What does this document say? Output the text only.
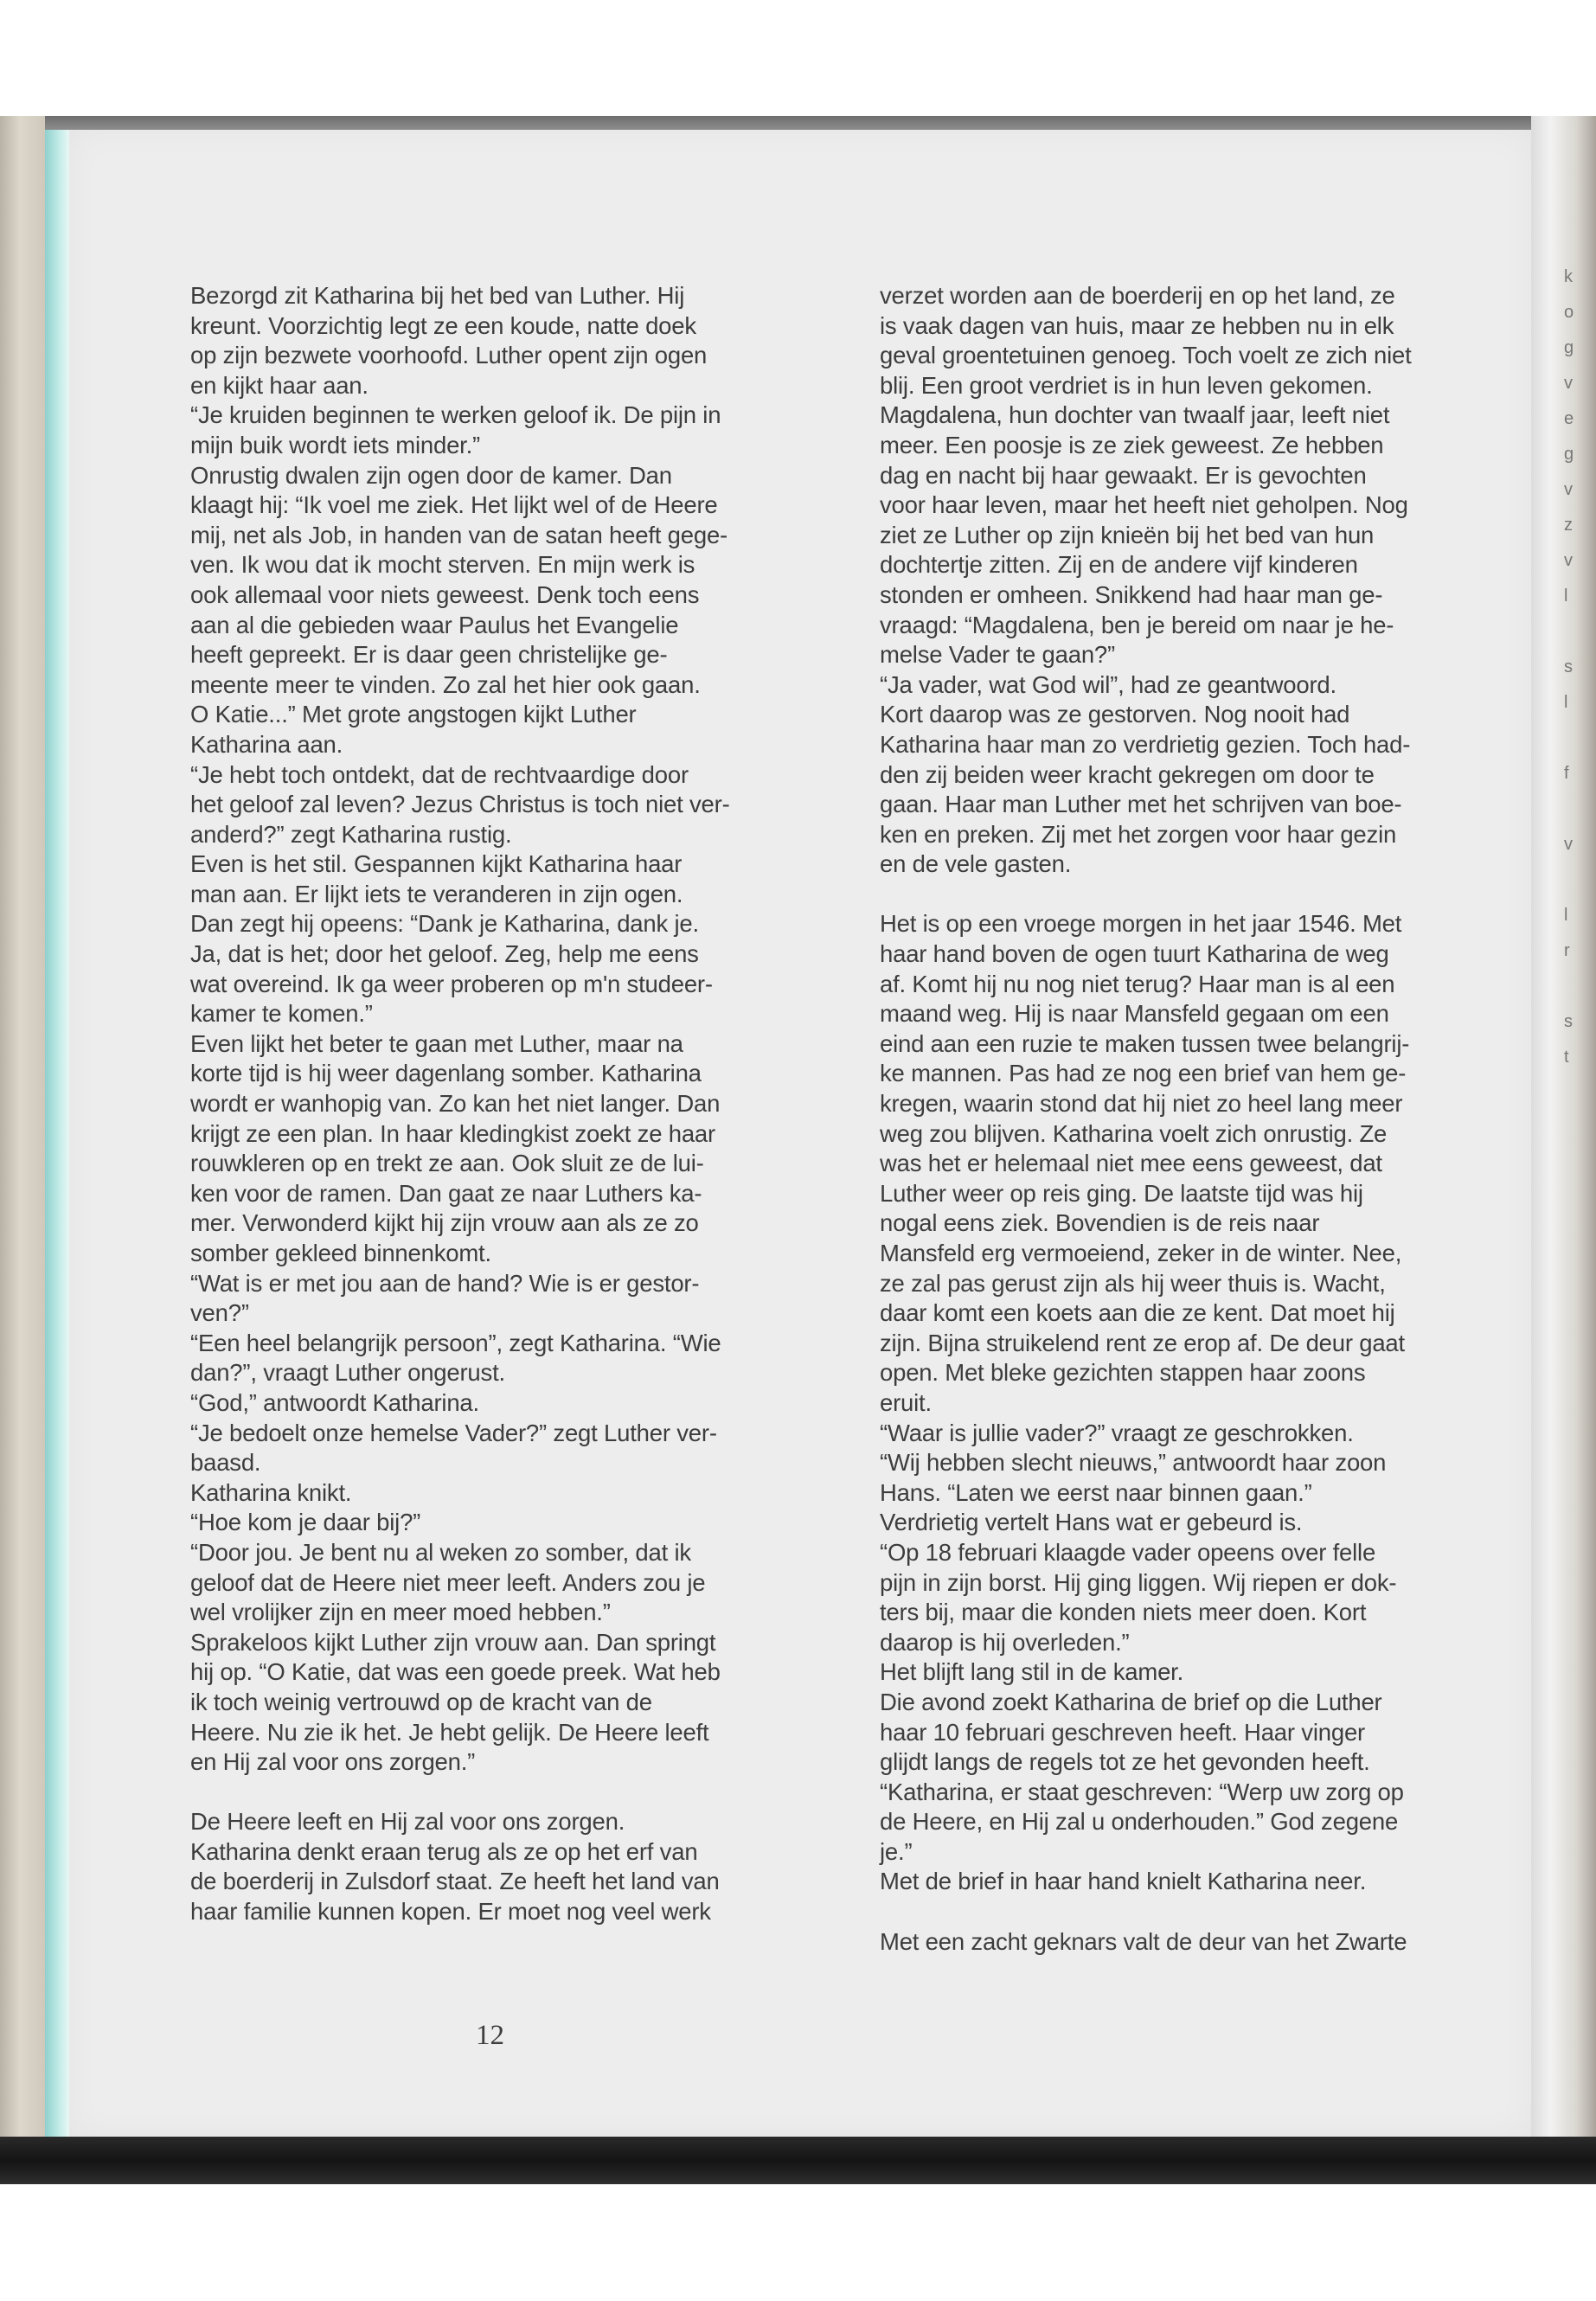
k
o
g
v
e
g
v
z
v
l
s
l
f
v
l
r
s
t
Bezorgd zit Katharina bij het bed van Luther. Hij
kreunt. Voorzichtig legt ze een koude, natte doek
op zijn bezwete voorhoofd. Luther opent zijn ogen
en kijkt haar aan.
“Je kruiden beginnen te werken geloof ik. De pijn in
mijn buik wordt iets minder.”
Onrustig dwalen zijn ogen door de kamer. Dan
klaagt hij: “Ik voel me ziek. Het lijkt wel of de Heere
mij, net als Job, in handen van de satan heeft gege-
ven. Ik wou dat ik mocht sterven. En mijn werk is
ook allemaal voor niets geweest. Denk toch eens
aan al die gebieden waar Paulus het Evangelie
heeft gepreekt. Er is daar geen christelijke ge-
meente meer te vinden. Zo zal het hier ook gaan.
O Katie...” Met grote angstogen kijkt Luther
Katharina aan.
“Je hebt toch ontdekt, dat de rechtvaardige door
het geloof zal leven? Jezus Christus is toch niet ver-
anderd?” zegt Katharina rustig.
Even is het stil. Gespannen kijkt Katharina haar
man aan. Er lijkt iets te veranderen in zijn ogen.
Dan zegt hij opeens: “Dank je Katharina, dank je.
Ja, dat is het; door het geloof. Zeg, help me eens
wat overeind. Ik ga weer proberen op m'n studeer-
kamer te komen.”
Even lijkt het beter te gaan met Luther, maar na
korte tijd is hij weer dagenlang somber. Katharina
wordt er wanhopig van. Zo kan het niet langer. Dan
krijgt ze een plan. In haar kledingkist zoekt ze haar
rouwkleren op en trekt ze aan. Ook sluit ze de lui-
ken voor de ramen. Dan gaat ze naar Luthers ka-
mer. Verwonderd kijkt hij zijn vrouw aan als ze zo
somber gekleed binnenkomt.
“Wat is er met jou aan de hand? Wie is er gestor-
ven?”
“Een heel belangrijk persoon”, zegt Katharina. “Wie
dan?”, vraagt Luther ongerust.
“God,” antwoordt Katharina.
“Je bedoelt onze hemelse Vader?” zegt Luther ver-
baasd.
Katharina knikt.
“Hoe kom je daar bij?”
“Door jou. Je bent nu al weken zo somber, dat ik
geloof dat de Heere niet meer leeft. Anders zou je
wel vrolijker zijn en meer moed hebben.”
Sprakeloos kijkt Luther zijn vrouw aan. Dan springt
hij op. “O Katie, dat was een goede preek. Wat heb
ik toch weinig vertrouwd op de kracht van de
Heere. Nu zie ik het. Je hebt gelijk. De Heere leeft
en Hij zal voor ons zorgen.”
De Heere leeft en Hij zal voor ons zorgen.
Katharina denkt eraan terug als ze op het erf van
de boerderij in Zulsdorf staat. Ze heeft het land van
haar familie kunnen kopen. Er moet nog veel werk
verzet worden aan de boerderij en op het land, ze
is vaak dagen van huis, maar ze hebben nu in elk
geval groentetuinen genoeg. Toch voelt ze zich niet
blij. Een groot verdriet is in hun leven gekomen.
Magdalena, hun dochter van twaalf jaar, leeft niet
meer. Een poosje is ze ziek geweest. Ze hebben
dag en nacht bij haar gewaakt. Er is gevochten
voor haar leven, maar het heeft niet geholpen. Nog
ziet ze Luther op zijn knieën bij het bed van hun
dochtertje zitten. Zij en de andere vijf kinderen
stonden er omheen. Snikkend had haar man ge-
vraagd: “Magdalena, ben je bereid om naar je he-
melse Vader te gaan?”
“Ja vader, wat God wil”, had ze geantwoord.
Kort daarop was ze gestorven. Nog nooit had
Katharina haar man zo verdrietig gezien. Toch had-
den zij beiden weer kracht gekregen om door te
gaan. Haar man Luther met het schrijven van boe-
ken en preken. Zij met het zorgen voor haar gezin
en de vele gasten.
Het is op een vroege morgen in het jaar 1546. Met
haar hand boven de ogen tuurt Katharina de weg
af. Komt hij nu nog niet terug? Haar man is al een
maand weg. Hij is naar Mansfeld gegaan om een
eind aan een ruzie te maken tussen twee belangrij-
ke mannen. Pas had ze nog een brief van hem ge-
kregen, waarin stond dat hij niet zo heel lang meer
weg zou blijven. Katharina voelt zich onrustig. Ze
was het er helemaal niet mee eens geweest, dat
Luther weer op reis ging. De laatste tijd was hij
nogal eens ziek. Bovendien is de reis naar
Mansfeld erg vermoeiend, zeker in de winter. Nee,
ze zal pas gerust zijn als hij weer thuis is. Wacht,
daar komt een koets aan die ze kent. Dat moet hij
zijn. Bijna struikelend rent ze erop af. De deur gaat
open. Met bleke gezichten stappen haar zoons
eruit.
“Waar is jullie vader?” vraagt ze geschrokken.
“Wij hebben slecht nieuws,” antwoordt haar zoon
Hans. “Laten we eerst naar binnen gaan.”
Verdrietig vertelt Hans wat er gebeurd is.
“Op 18 februari klaagde vader opeens over felle
pijn in zijn borst. Hij ging liggen. Wij riepen er dok-
ters bij, maar die konden niets meer doen. Kort
daarop is hij overleden.”
Het blijft lang stil in de kamer.
Die avond zoekt Katharina de brief op die Luther
haar 10 februari geschreven heeft. Haar vinger
glijdt langs de regels tot ze het gevonden heeft.
“Katharina, er staat geschreven: “Werp uw zorg op
de Heere, en Hij zal u onderhouden.” God zegene
je.”
Met de brief in haar hand knielt Katharina neer.
Met een zacht geknars valt de deur van het Zwarte
12
